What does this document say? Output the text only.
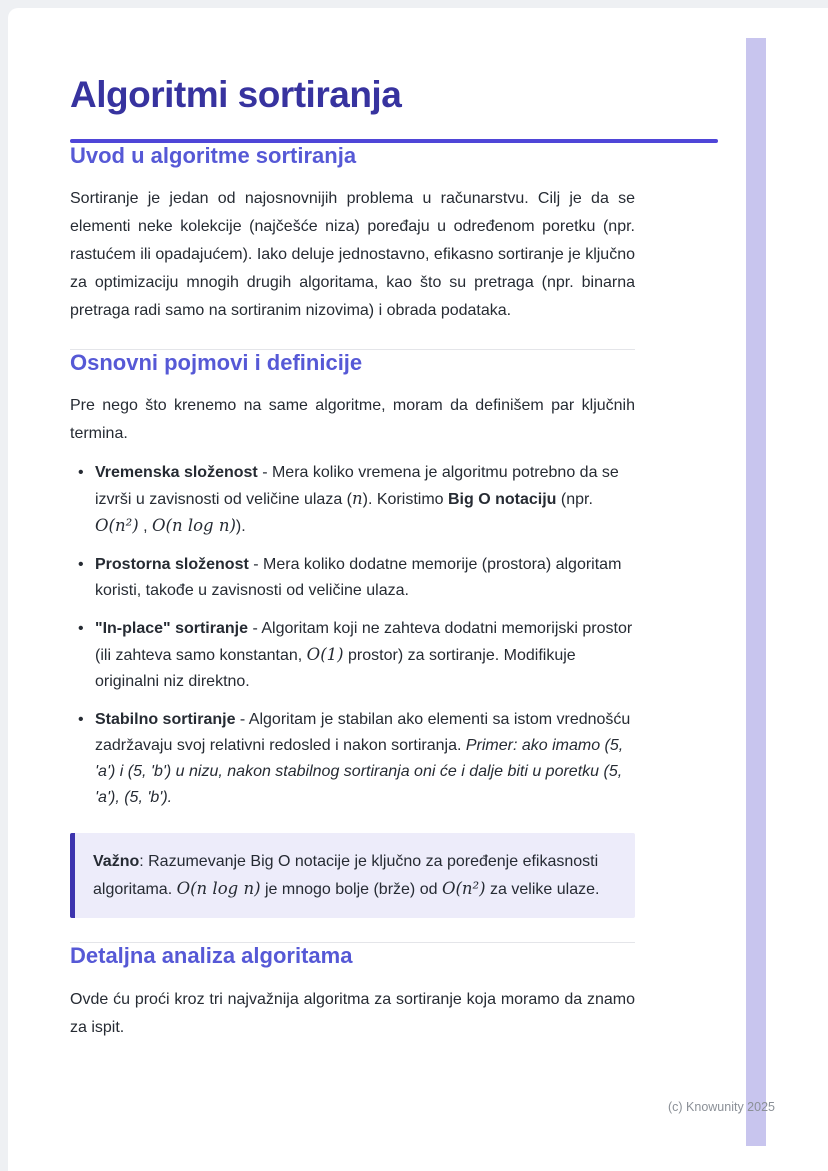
Algoritmi sortiranja
Uvod u algoritme sortiranja

Sortiranje je jedan od najosnovnijih problema u računarstvu. Cilj je da se elementi neke kolekcije (najčešće niza) poređaju u određenom poretku (npr. rastućem ili opadajućem). Iako deluje jednostavno, efikasno sortiranje je ključno za optimizaciju mnogih drugih algoritama, kao što su pretraga (npr. binarna pretraga radi samo na sortiranim nizovima) i obrada podataka.

Osnovni pojmovi i definicije

Pre nego što krenemo na same algoritme, moram da definišem par ključnih termina.

• Vremenska složenost - Mera koliko vremena je algoritmu potrebno da se izvrši u zavisnosti od veličine ulaza (n). Koristimo Big O notaciju (npr. O(n²) , O(n log n)).
• Prostorna složenost - Mera koliko dodatne memorije (prostora) algoritam koristi, takođe u zavisnosti od veličine ulaza.
• "In-place" sortiranje - Algoritam koji ne zahteva dodatni memorijski prostor (ili zahteva samo konstantan, O(1) prostor) za sortiranje. Modifikuje originalni niz direktno.
• Stabilno sortiranje - Algoritam je stabilan ako elementi sa istom vrednošću zadržavaju svoj relativni redosled i nakon sortiranja. Primer: ako imamo (5, 'a') i (5, 'b') u nizu, nakon stabilnog sortiranja oni će i dalje biti u poretku (5, 'a'), (5, 'b').
Važno: Razumevanje Big O notacije je ključno za poređenje efikasnosti algoritama. O(n log n) je mnogo bolje (brže) od O(n²) za velike ulaze.
Detaljna analiza algoritama

Ovde ću proći kroz tri najvažnija algoritma za sortiranje koja moramo da znamo za ispit.

(c) Knowunity 2025
